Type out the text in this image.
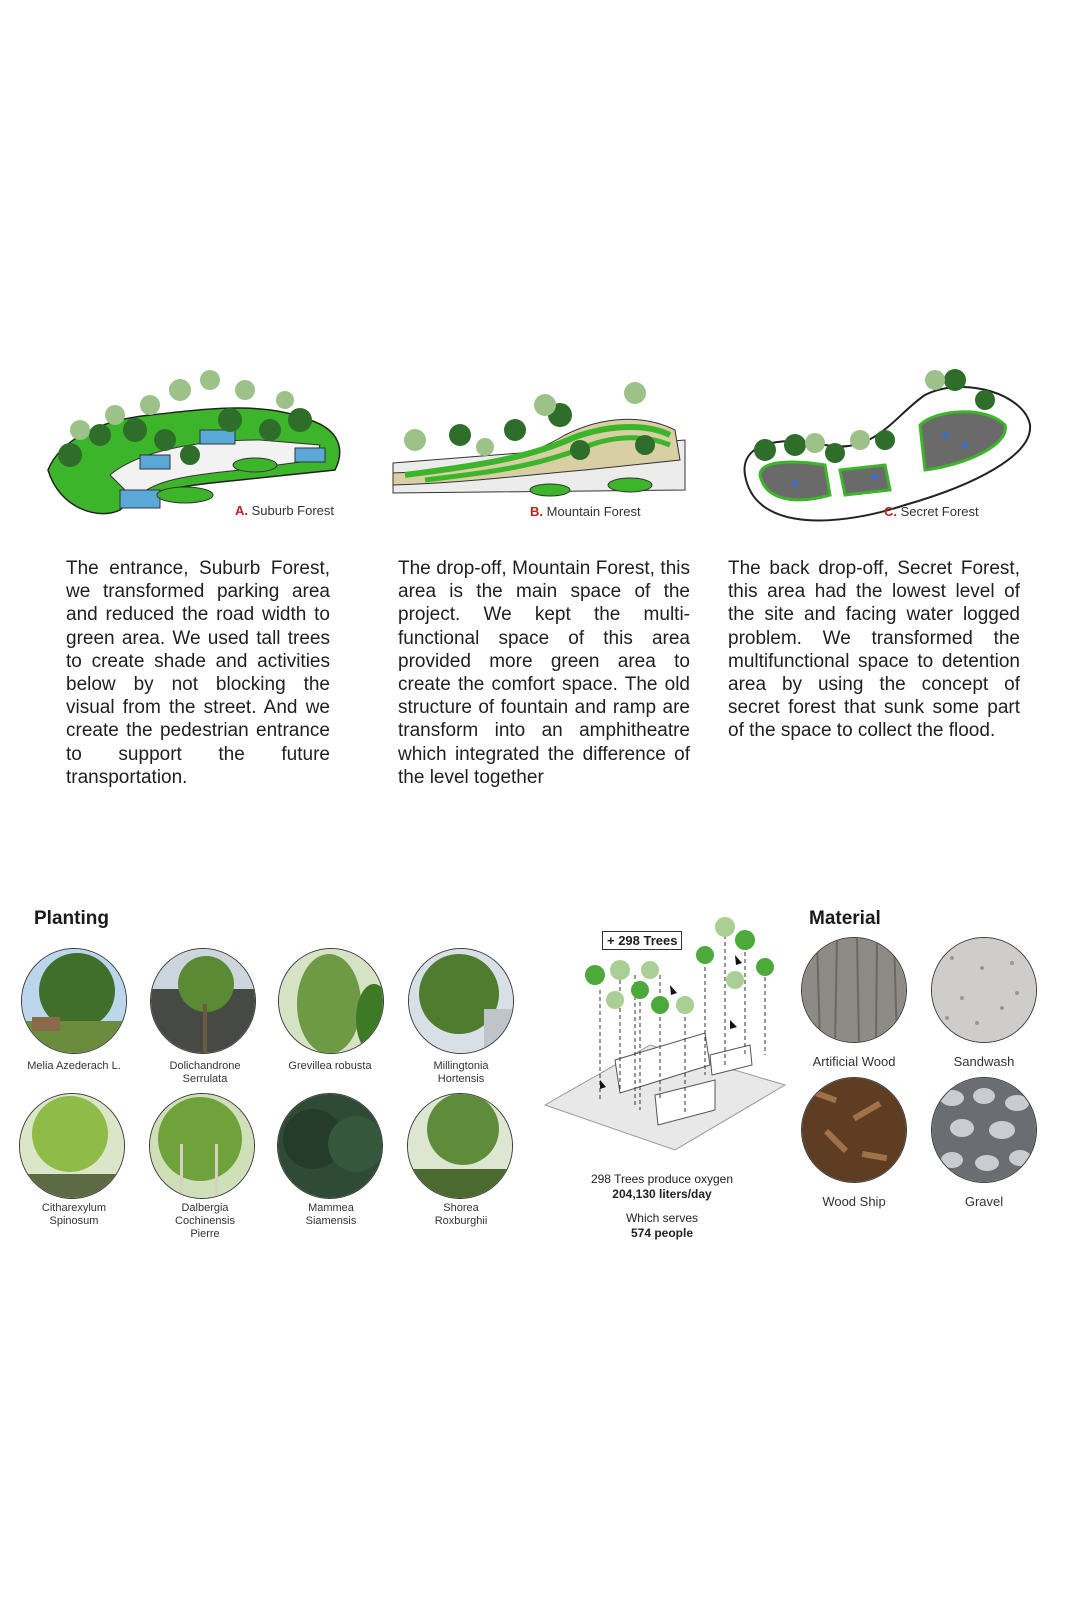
A. Suburb Forest	B. Mountain Forest	C. Secret Forest
The entrance, Suburb Forest, we transformed parking area and reduced the road width to green area. We used tall trees to create shade and activities below by not blocking the visual from the street. And we create the pedestrian entrance to support the future transportation.
The drop-off, Mountain Forest, this area is the main space of the project. We kept the multi-functional space of this area provided more green area to create the comfort space. The old structure of fountain and ramp are transform into an amphitheatre which integrated the difference of the level together
The back drop-off, Secret Forest, this area had the lowest level of the site and facing water logged problem. We transformed the multifunctional space to detention area by using the concept of secret forest that sunk some part of the space to collect the flood.
Planting
Melia Azederach L.	Dolichandrone
Serrulata
Grevillea robusta	Millingtonia
Hortensis
Citharexylum
Spinosum
Dalbergia
Cochinensis
Pierre
Mammea
Siamensis
Shorea
Roxburghii
+ 298 Trees
298 Trees produce oxygen
204,130 liters/day
Which serves
574 people
Material
Artificial Wood	Sandwash
Wood Ship	Gravel
